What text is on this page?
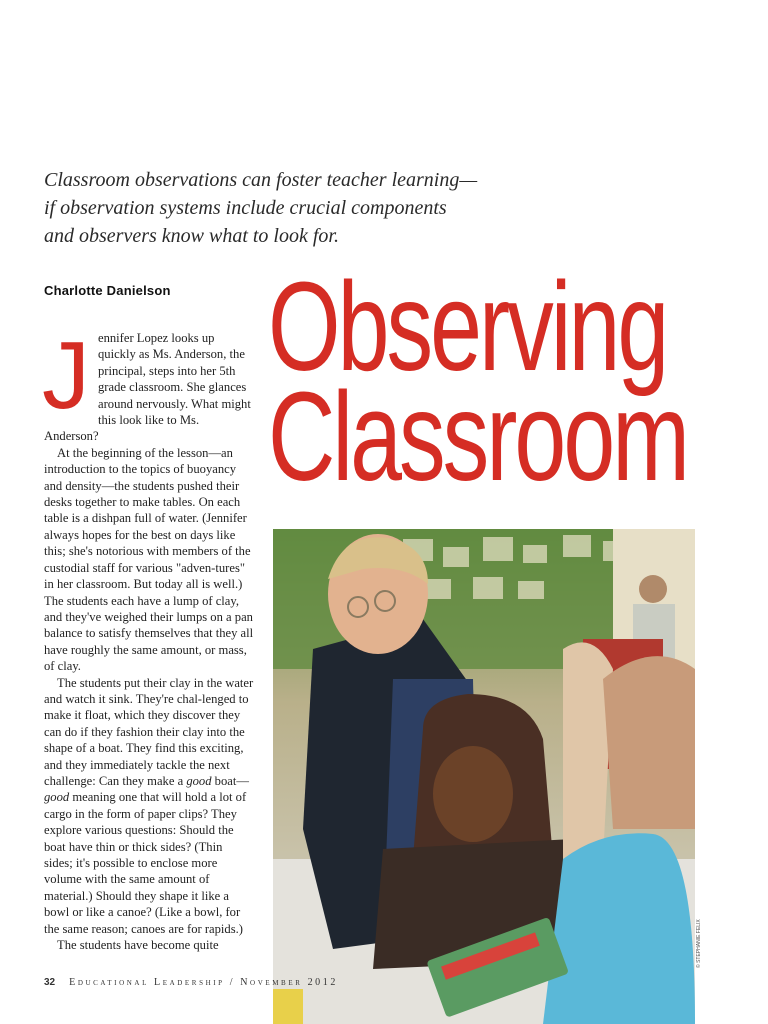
Classroom observations can foster teacher learning—
if observation systems include crucial components
and observers know what to look for.
Charlotte Danielson Observing
Classroom
J ennifer Lopez looks up quickly as Ms. Anderson, the principal, steps into her 5th grade classroom. She glances around nervously. What might this look like to Ms. Anderson?

At the beginning of the lesson—an introduction to the topics of buoyancy and density—the students pushed their desks together to make tables. On each table is a dishpan full of water. (Jennifer always hopes for the best on days like this; she's notorious with members of the custodial staff for various "adven-tures" in her classroom. But today all is well.) The students each have a lump of clay, and they've weighed their lumps on a pan balance to satisfy themselves that they all have roughly the same amount, or mass, of clay.

The students put their clay in the water and watch it sink. They're chal-lenged to make it float, which they discover they can do if they fashion their clay into the shape of a boat. They find this exciting, and they immediately tackle the next challenge: Can they make a good boat—good meaning one that will hold a lot of cargo in the form of paper clips? They explore various questions: Should the boat have thin or thick sides? (Thin sides; it's possible to enclose more volume with the same amount of material.) Should they shape it like a bowl or like a canoe? (Like a bowl, for the same reason; canoes are for rapids.)

The students have become quite	© STEPHANIE FELIX
32 Educational Leadership / November 2012
